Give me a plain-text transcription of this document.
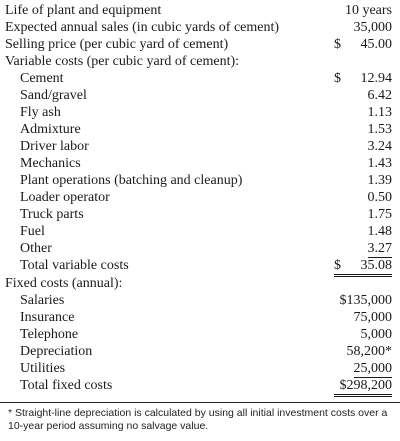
Life of plant and equipment	10 years
Expected annual sales (in cubic yards of cement)	35,000
Selling price (per cubic yard of cement)	$ 45.00
Variable costs (per cubic yard of cement):
Cement	$ 12.94
Sand/gravel	6.42
Fly ash	1.13
Admixture	1.53
Driver labor	3.24
Mechanics	1.43
Plant operations (batching and cleanup)	1.39
Loader operator	0.50
Truck parts	1.75
Fuel	1.48
Other	3.27
Total variable costs	$ 35.08
Fixed costs (annual):
Salaries	$135,000
Insurance	75,000
Telephone	5,000
Depreciation	58,200*
Utilities	25,000
Total fixed costs	$298,200
* Straight-line depreciation is calculated by using all initial investment costs over a 10-year period assuming no salvage value.
